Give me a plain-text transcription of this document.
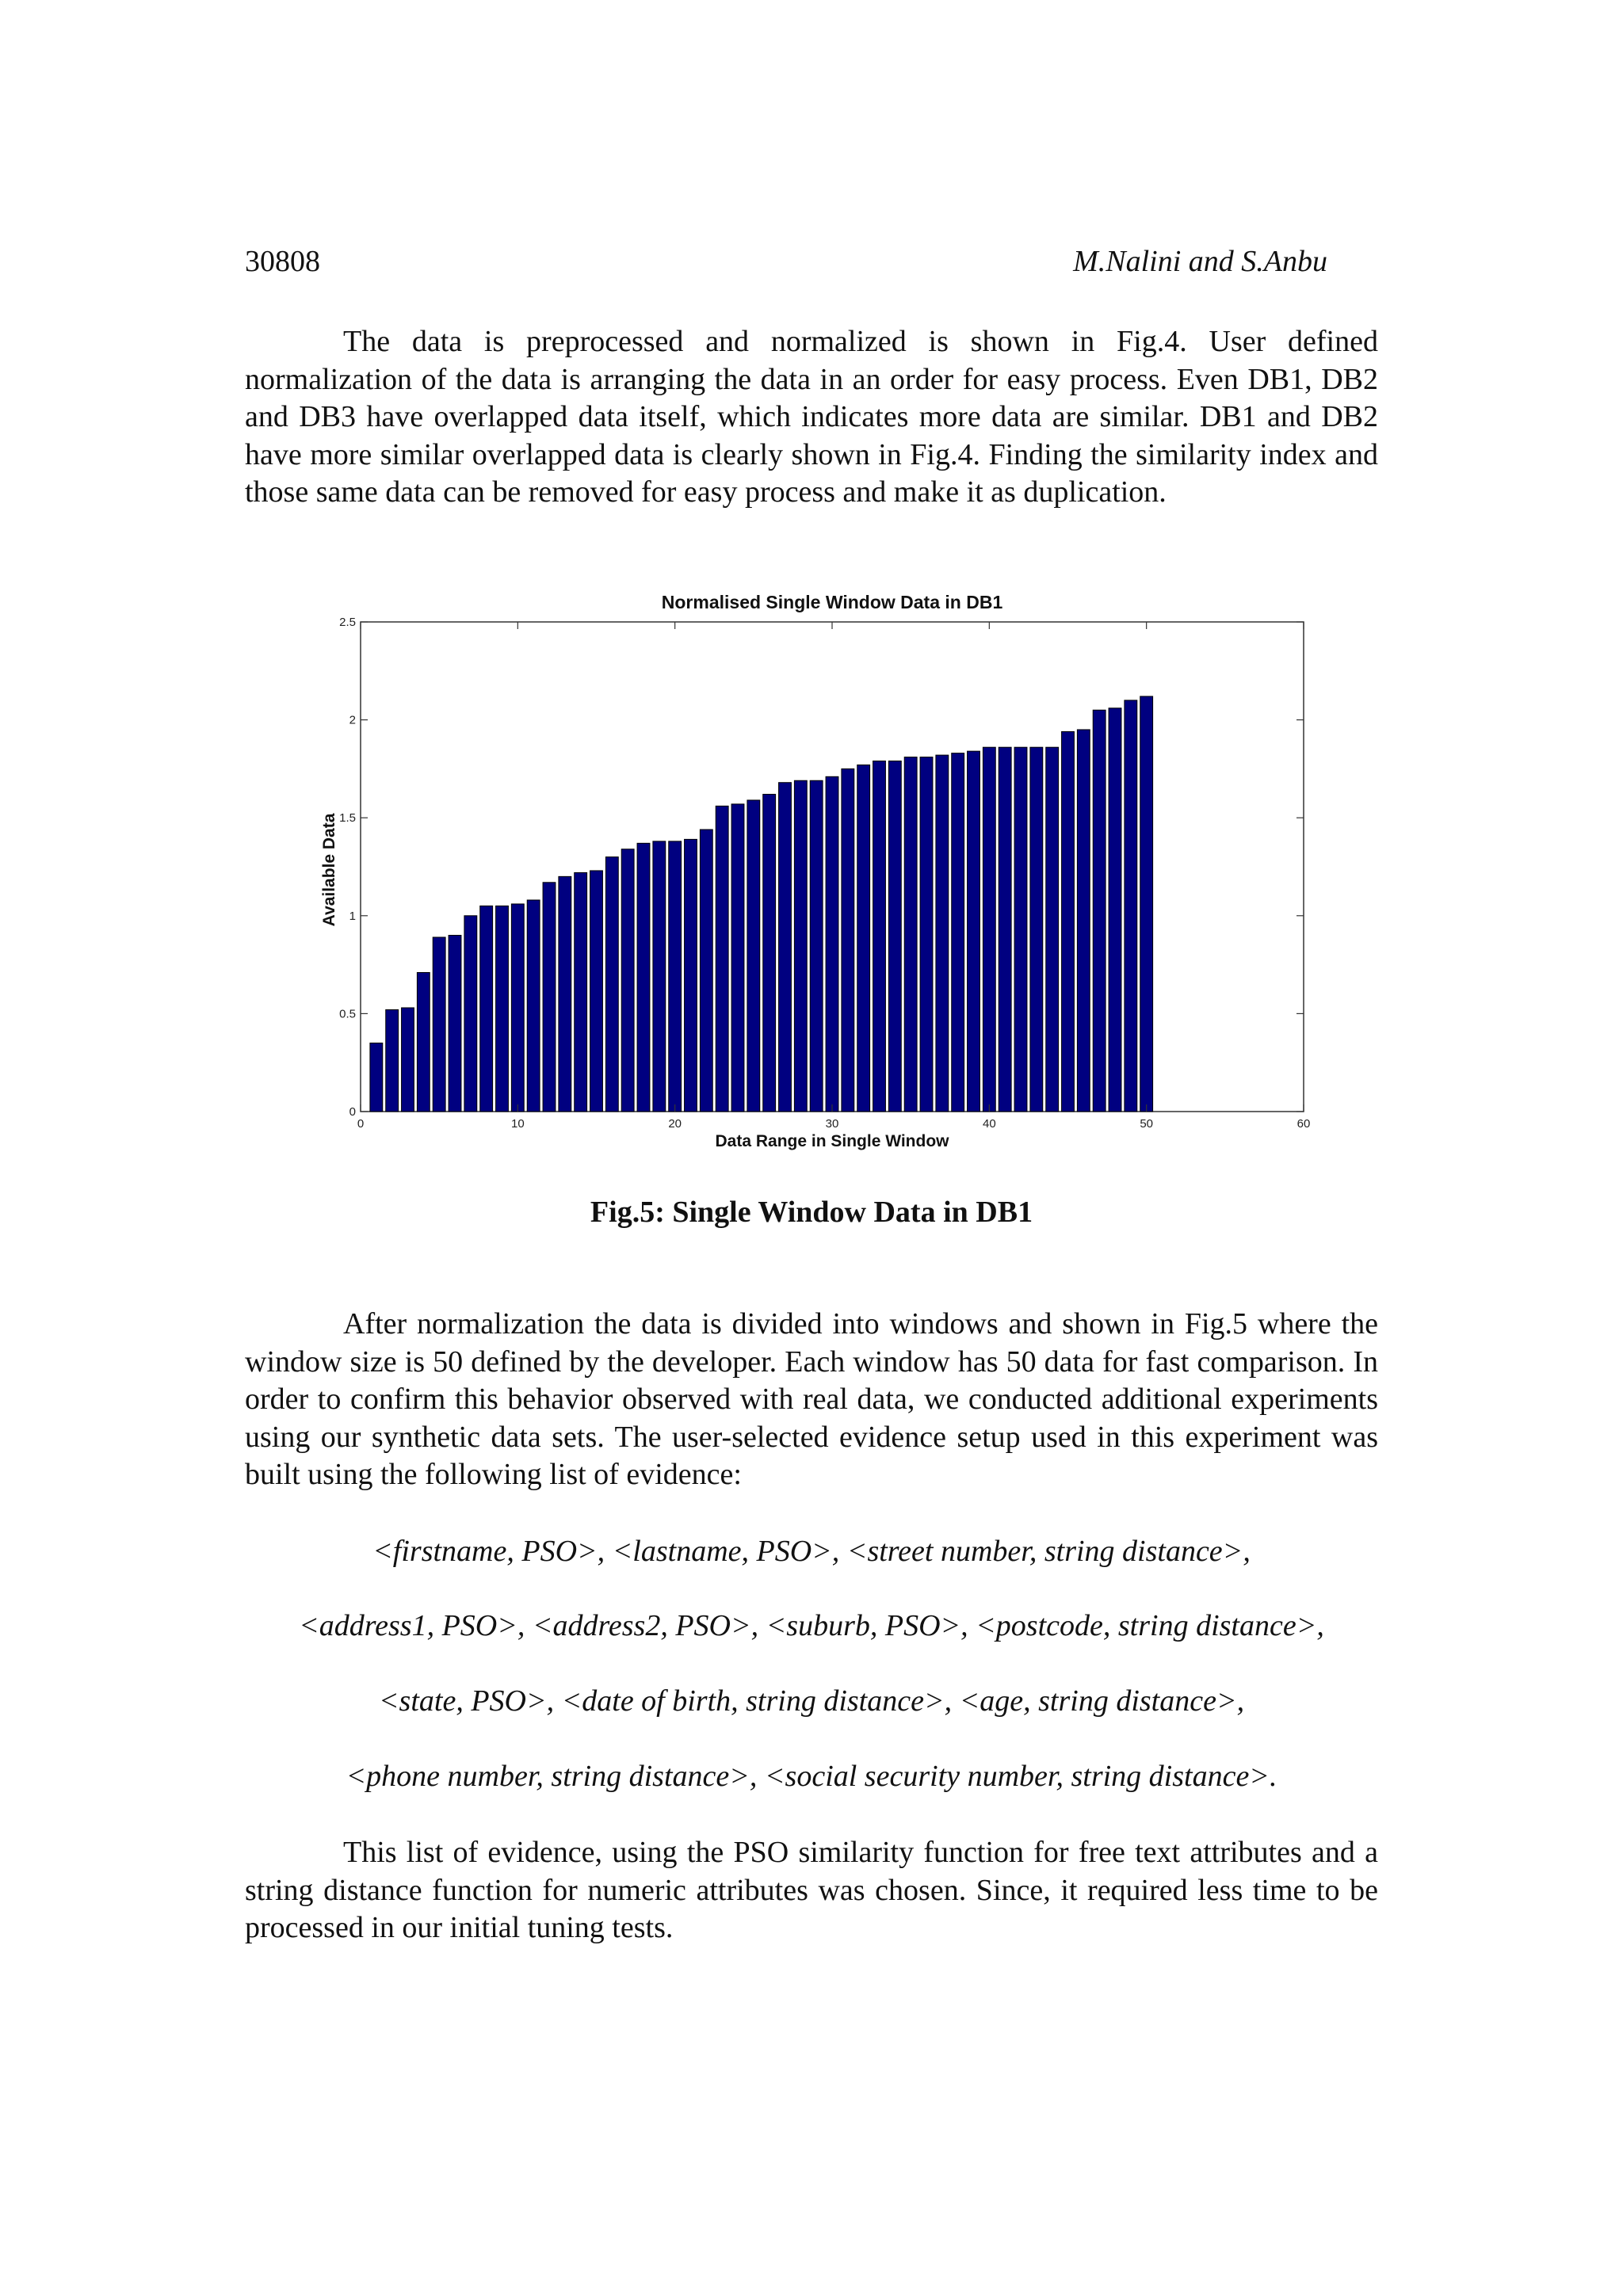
30808	M.Nalini and S.Anbu

The data is preprocessed and normalized is shown in Fig.4. User defined normalization of the data is arranging the data in an order for easy process. Even DB1, DB2 and DB3 have overlapped data itself, which indicates more data are similar. DB1 and DB2 have more similar overlapped data is clearly shown in Fig.4. Finding the similarity index and those same data can be removed for easy process and make it as duplication.

Normalised Single Window Data in DB1
0	10	20	30	40	50	60
0
0.5
1
1.5
2
2.5
Data Range in Single Window
Available Data
Fig.5: Single Window Data in DB1

After normalization the data is divided into windows and shown in Fig.5 where the window size is 50 defined by the developer. Each window has 50 data for fast comparison. In order to confirm this behavior observed with real data, we conducted additional experiments using our synthetic data sets. The user-selected evidence setup used in this experiment was built using the following list of evidence:

<firstname, PSO>, <lastname, PSO>, <street number, string distance>,

<address1, PSO>, <address2, PSO>, <suburb, PSO>, <postcode, string distance>,

<state, PSO>, <date of birth, string distance>, <age, string distance>,

<phone number, string distance>, <social security number, string distance>.

This list of evidence, using the PSO similarity function for free text attributes and a string distance function for numeric attributes was chosen. Since, it required less time to be processed in our initial tuning tests.
